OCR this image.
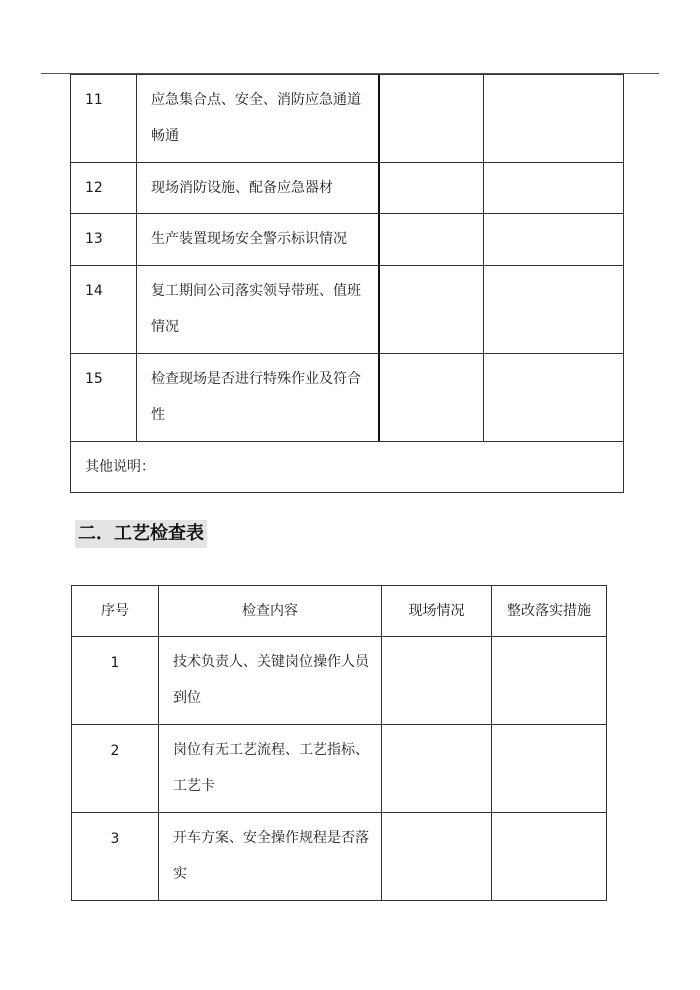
11	应急集合点、安全、消防应急通道
畅通
12	现场消防设施、配备应急器材
13	生产装置现场安全警示标识情况
14	复工期间公司落实领导带班、值班
情况
15	检查现场是否进行特殊作业及符合
性
其他说明：
二．工艺检查表
序号	检查内容	现场情况	整改落实措施
1	技术负责人、关键岗位操作人员
到位
2	岗位有无工艺流程、工艺指标、
工艺卡
3	开车方案、安全操作规程是否落
实
